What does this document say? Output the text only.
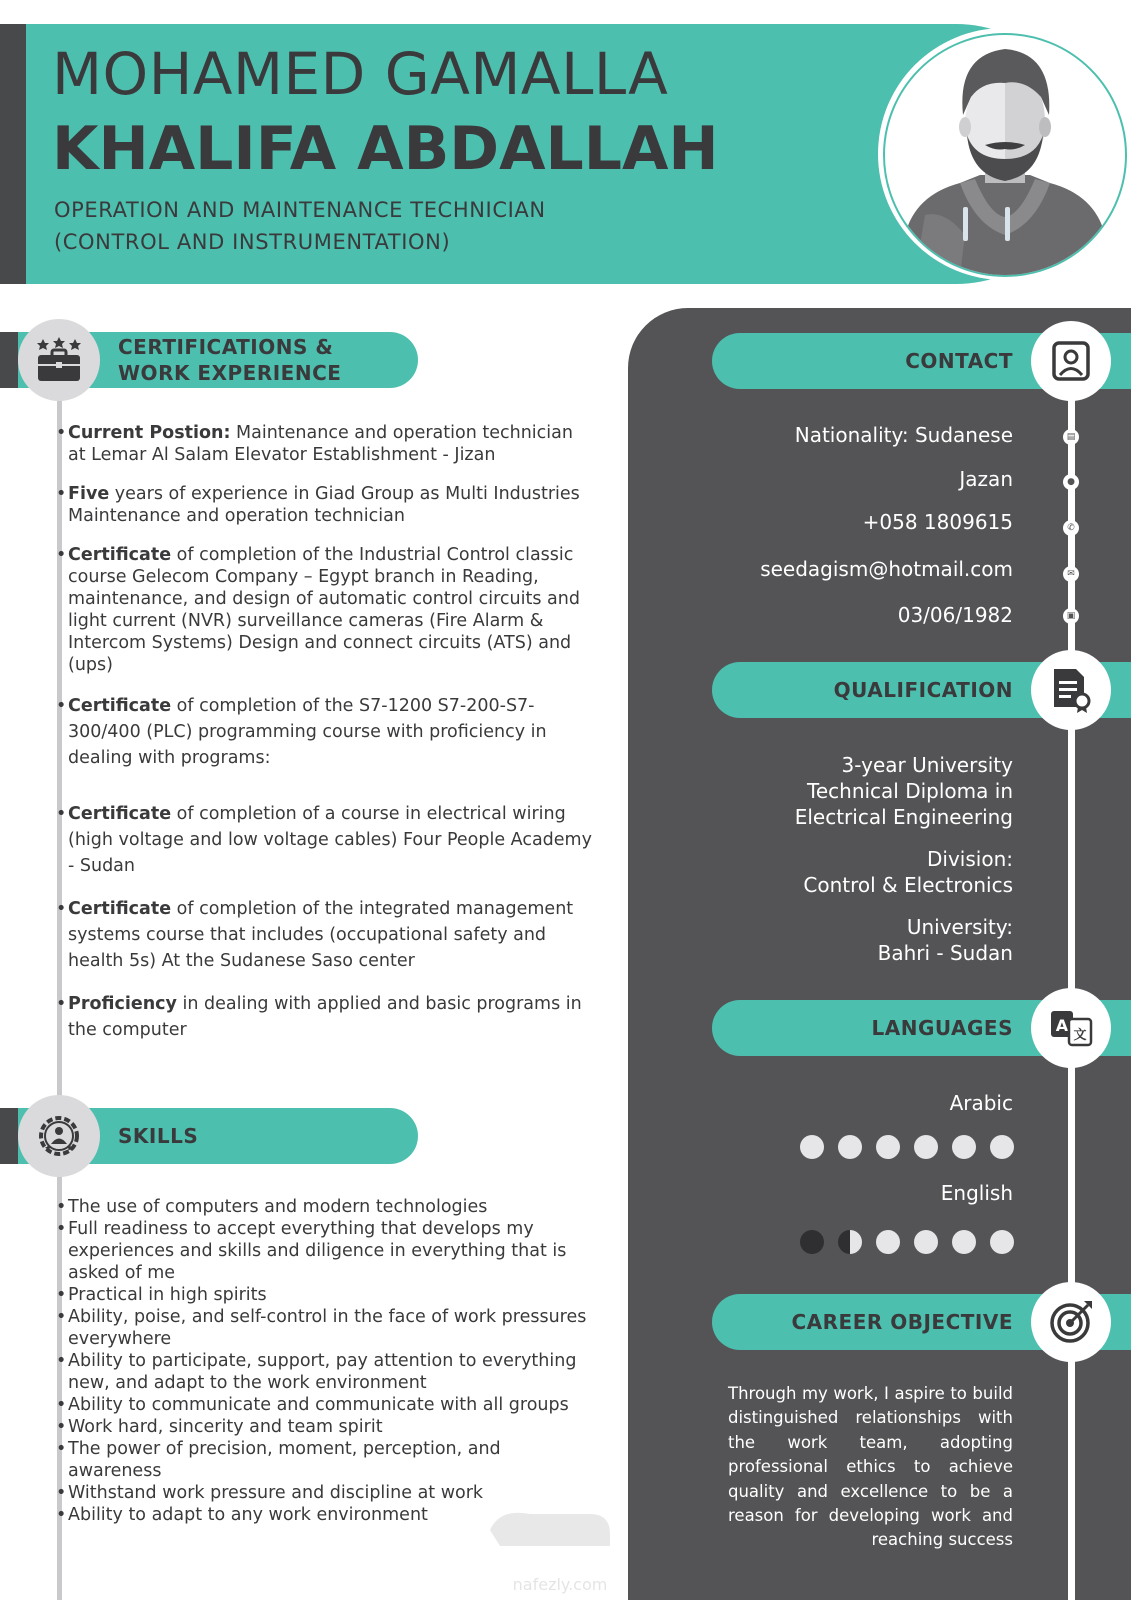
MOHAMED GAMALLA
KHALIFA ABDALLAH
OPERATION AND MAINTENANCE TECHNICIAN
(CONTROL AND INSTRUMENTATION)
CERTIFICATIONS &
WORK EXPERIENCE
• Current Postion: Maintenance and operation technician at Lemar Al Salam Elevator Establishment - Jizan
• Five years of experience in Giad Group as Multi Industries Maintenance and operation technician
• Certificate of completion of the Industrial Control classic course Gelecom Company – Egypt branch in Reading, maintenance, and design of automatic control circuits and light current (NVR) surveillance cameras (Fire Alarm & Intercom Systems) Design and connect circuits (ATS) and (ups)
• Certificate of completion of the S7-1200 S7-200-S7-300/400 (PLC) programming course with proficiency in dealing with programs:
• Certificate of completion of a course in electrical wiring (high voltage and low voltage cables) Four People Academy - Sudan
• Certificate of completion of the integrated management systems course that includes (occupational safety and health 5s) At the Sudanese Saso center
• Proficiency in dealing with applied and basic programs in the computer
SKILLS
• The use of computers and modern technologies
• Full readiness to accept everything that develops my experiences and skills and diligence in everything that is asked of me
• Practical in high spirits
• Ability, poise, and self-control in the face of work pressures everywhere
• Ability to participate, support, pay attention to everything new, and adapt to the work environment
• Ability to communicate and communicate with all groups
• Work hard, sincerity and team spirit
• The power of precision, moment, perception, and awareness
• Withstand work pressure and discipline at work
• Ability to adapt to any work environment
CONTACT
Nationality: Sudanese
Jazan
+058 1809615
seedagism@hotmail.com
03/06/1982
▤
●
✆
✉
▣
QUALIFICATION
3-year University Technical Diploma in Electrical Engineering
Division:
Control & Electronics
University:
Bahri - Sudan
LANGUAGES	A
文
Arabic
English
CAREER OBJECTIVE
Through my work, I aspire to build distinguished relationships with the work team, adopting professional ethics to achieve quality and excellence to be a reason for developing work and reaching success
nafezly.com
